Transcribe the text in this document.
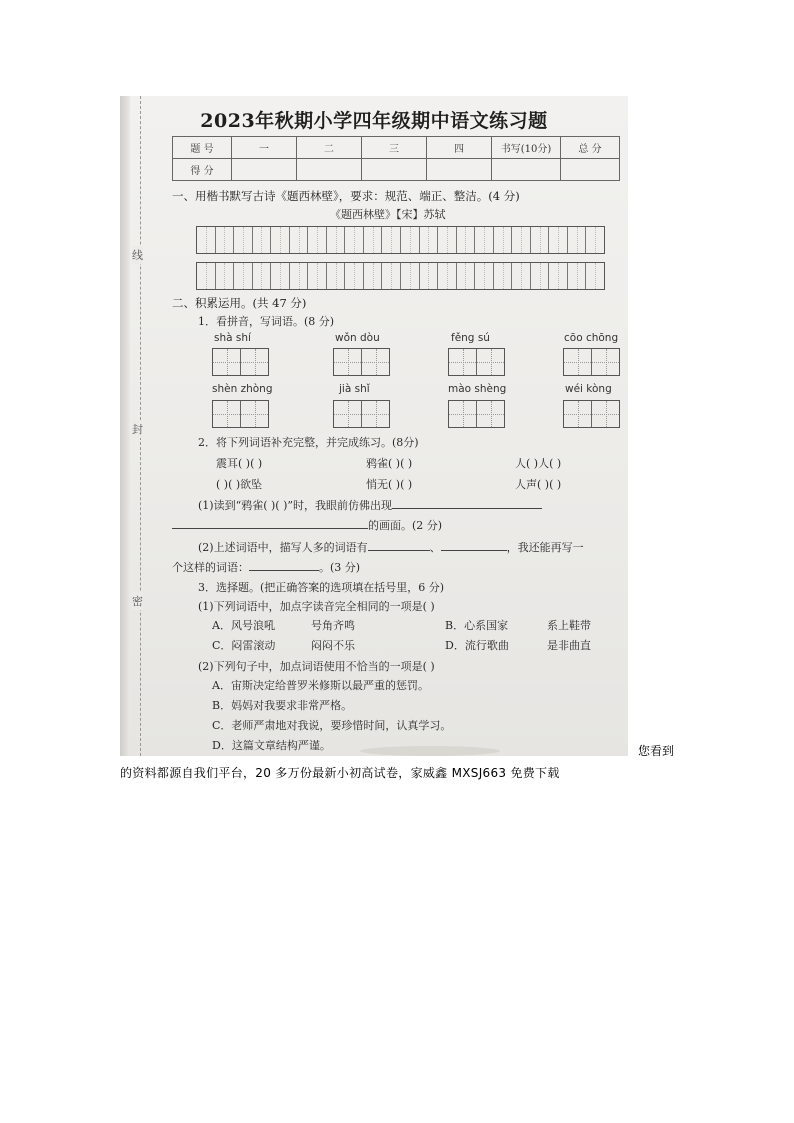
线
封
密
2023年秋期小学四年级期中语文练习题
题 号	一	二	三	四	书写(10分)	总 分
得 分						
一、用楷书默写古诗《题西林壁》，要求：规范、端正、整洁。(4 分)
《题西林壁》【宋】苏轼
二、积累运用。(共 47 分)
1．看拼音，写词语。(8 分)
shà shí	wǒn dòu	fěng sú	cōo chōng
shèn zhòng	jià shǐ	mào shèng	wéi kòng
2．将下列词语补充完整，并完成练习。(8分)
震耳( )( )	鸦雀( )( )	人( )人( )
( )( )欲坠	悄无( )( )	人声( )( )
(1)读到“鸦雀( )( )”时，我眼前仿佛出现
的画面。(2 分)
(2)上述词语中，描写人多的词语有	、	，我还能再写一
个这样的词语：	。(3 分)
3．选择题。(把正确答案的选项填在括号里，6 分)
(1)下列词语中，加点字读音完全相同的一项是( )
A．风号浪吼	号角齐鸣	B．心系国家	系上鞋带
C．闷雷滚动	闷闷不乐	D．流行歌曲	是非曲直
(2)下列句子中，加点词语使用不恰当的一项是( )
A．宙斯决定给普罗米修斯以最严重的惩罚。
B．妈妈对我要求非常严格。
C．老师严肃地对我说，要珍惜时间，认真学习。
D．这篇文章结构严谨。	您看到
的资料都源自我们平台，20 多万份最新小初高试卷，家威鑫 MXSJ663 免费下载
